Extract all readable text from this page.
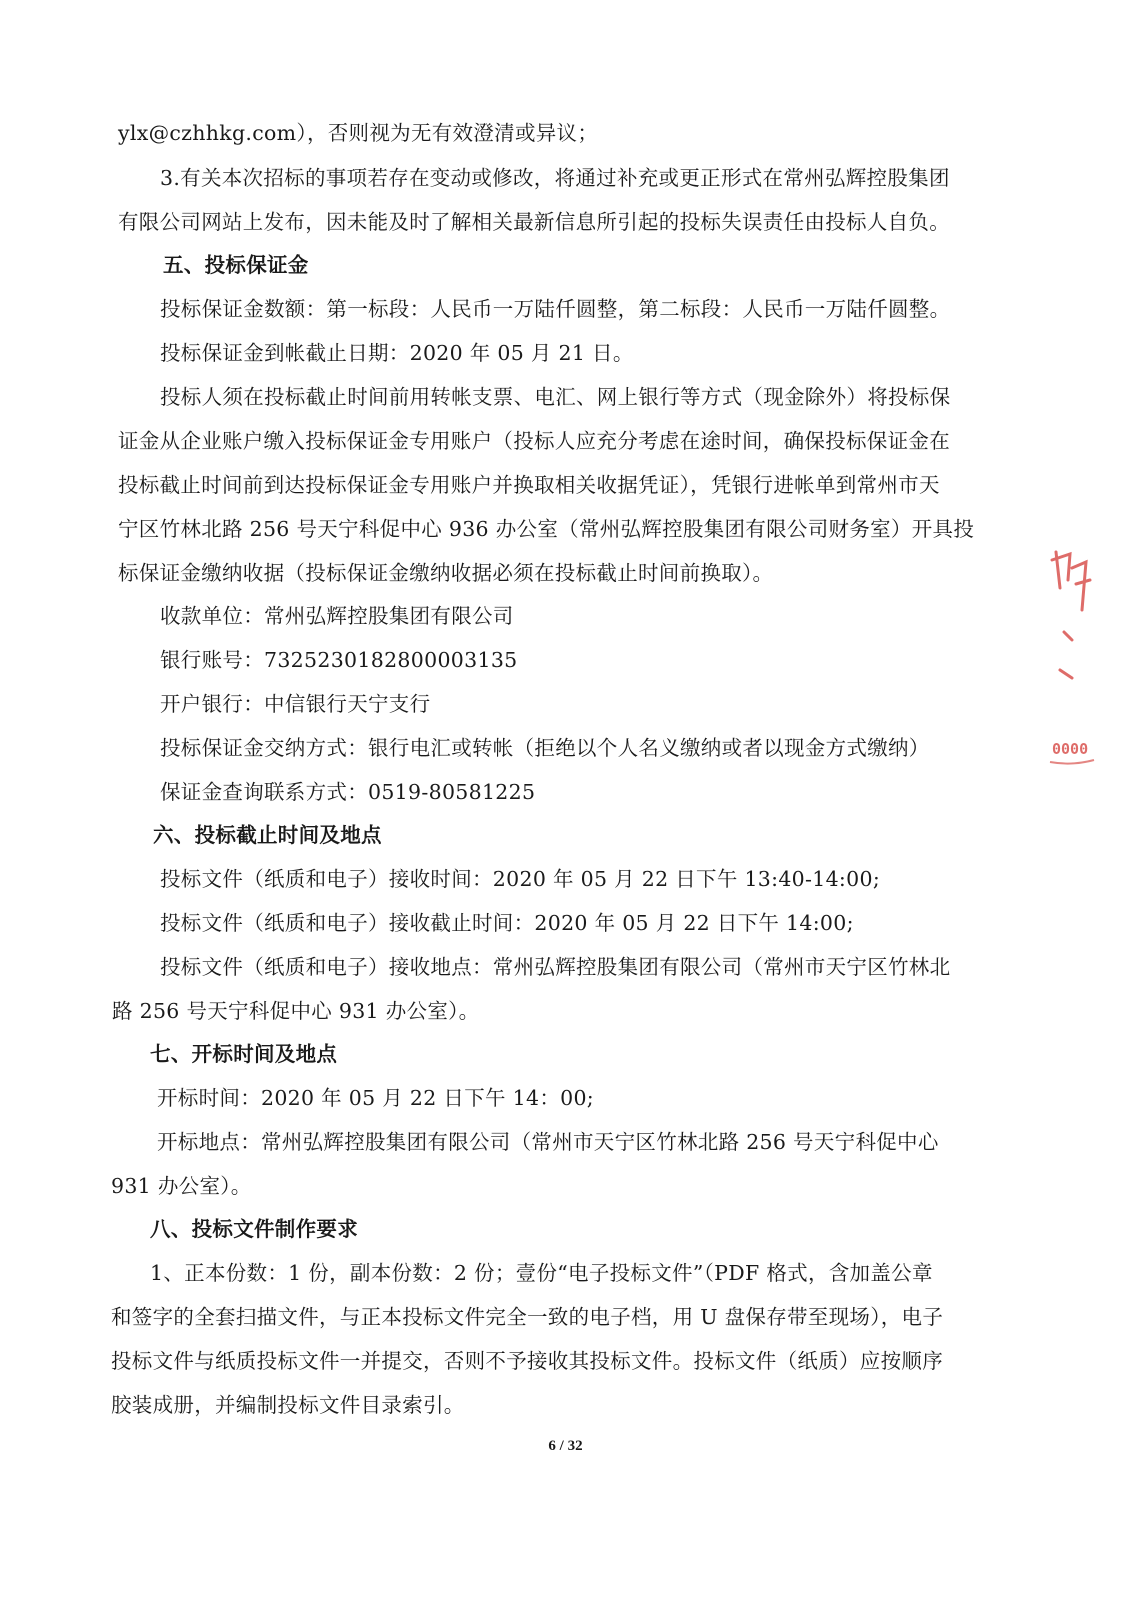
ylx@czhhkg.com），否则视为无有效澄清或异议；
3.有关本次招标的事项若存在变动或修改，将通过补充或更正形式在常州弘辉控股集团
有限公司网站上发布，因未能及时了解相关最新信息所引起的投标失误责任由投标人自负。
五、投标保证金
投标保证金数额：第一标段：人民币一万陆仟圆整，第二标段：人民币一万陆仟圆整。
投标保证金到帐截止日期：2020 年 05 月 21 日。
投标人须在投标截止时间前用转帐支票、电汇、网上银行等方式（现金除外）将投标保
证金从企业账户缴入投标保证金专用账户（投标人应充分考虑在途时间，确保投标保证金在
投标截止时间前到达投标保证金专用账户并换取相关收据凭证），凭银行进帐单到常州市天
宁区竹林北路 256 号天宁科促中心 936 办公室（常州弘辉控股集团有限公司财务室）开具投
标保证金缴纳收据（投标保证金缴纳收据必须在投标截止时间前换取）。
收款单位：常州弘辉控股集团有限公司
银行账号：7325230182800003135
开户银行：中信银行天宁支行
投标保证金交纳方式：银行电汇或转帐（拒绝以个人名义缴纳或者以现金方式缴纳）
保证金查询联系方式：0519-80581225
六、投标截止时间及地点
投标文件（纸质和电子）接收时间：2020 年 05 月 22 日下午 13:40-14:00;
投标文件（纸质和电子）接收截止时间：2020 年 05 月 22 日下午 14:00;
投标文件（纸质和电子）接收地点：常州弘辉控股集团有限公司（常州市天宁区竹林北
路 256 号天宁科促中心 931 办公室）。
七、开标时间及地点
开标时间：2020 年 05 月 22 日下午 14：00;
开标地点：常州弘辉控股集团有限公司（常州市天宁区竹林北路 256 号天宁科促中心
931 办公室）。
八、投标文件制作要求
1、正本份数：1 份，副本份数：2 份；壹份“电子投标文件”（PDF 格式，含加盖公章
和签字的全套扫描文件，与正本投标文件完全一致的电子档，用 U 盘保存带至现场），电子
投标文件与纸质投标文件一并提交，否则不予接收其投标文件。投标文件（纸质）应按顺序
胶装成册，并编制投标文件目录索引。
6 / 32
0000
